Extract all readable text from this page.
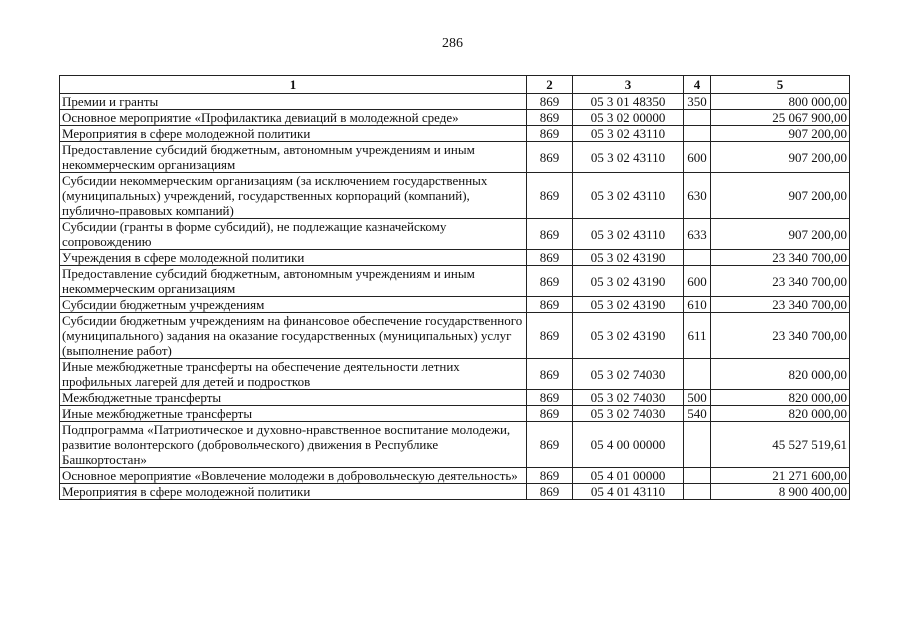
286
1	2	3	4	5
Премии и гранты	869	05 3 01 48350	350	800 000,00
Основное мероприятие «Профилактика девиаций в молодежной среде»	869	05 3 02 00000		25 067 900,00
Мероприятия в сфере молодежной политики	869	05 3 02 43110		907 200,00
Предоставление субсидий бюджетным, автономным учреждениям и иным некоммерческим организациям	869	05 3 02 43110	600	907 200,00
Субсидии некоммерческим организациям (за исключением государственных (муниципальных) учреждений, государственных корпораций (компаний), публично-правовых компаний)	869	05 3 02 43110	630	907 200,00
Субсидии (гранты в форме субсидий), не подлежащие казначейскому сопровождению	869	05 3 02 43110	633	907 200,00
Учреждения в сфере молодежной политики	869	05 3 02 43190		23 340 700,00
Предоставление субсидий бюджетным, автономным учреждениям и иным некоммерческим организациям	869	05 3 02 43190	600	23 340 700,00
Субсидии бюджетным учреждениям	869	05 3 02 43190	610	23 340 700,00
Субсидии бюджетным учреждениям на финансовое обеспечение государственного (муниципального) задания на оказание государственных (муниципальных) услуг (выполнение работ)	869	05 3 02 43190	611	23 340 700,00
Иные межбюджетные трансферты на обеспечение деятельности летних профильных лагерей для детей и подростков	869	05 3 02 74030		820 000,00
Межбюджетные трансферты	869	05 3 02 74030	500	820 000,00
Иные межбюджетные трансферты	869	05 3 02 74030	540	820 000,00
Подпрограмма «Патриотическое и духовно-нравственное воспитание молодежи, развитие волонтерского (добровольческого) движения в Республике Башкортостан»	869	05 4 00 00000		45 527 519,61
Основное мероприятие «Вовлечение молодежи в добровольческую деятельность»	869	05 4 01 00000		21 271 600,00
Мероприятия в сфере молодежной политики	869	05 4 01 43110		8 900 400,00
